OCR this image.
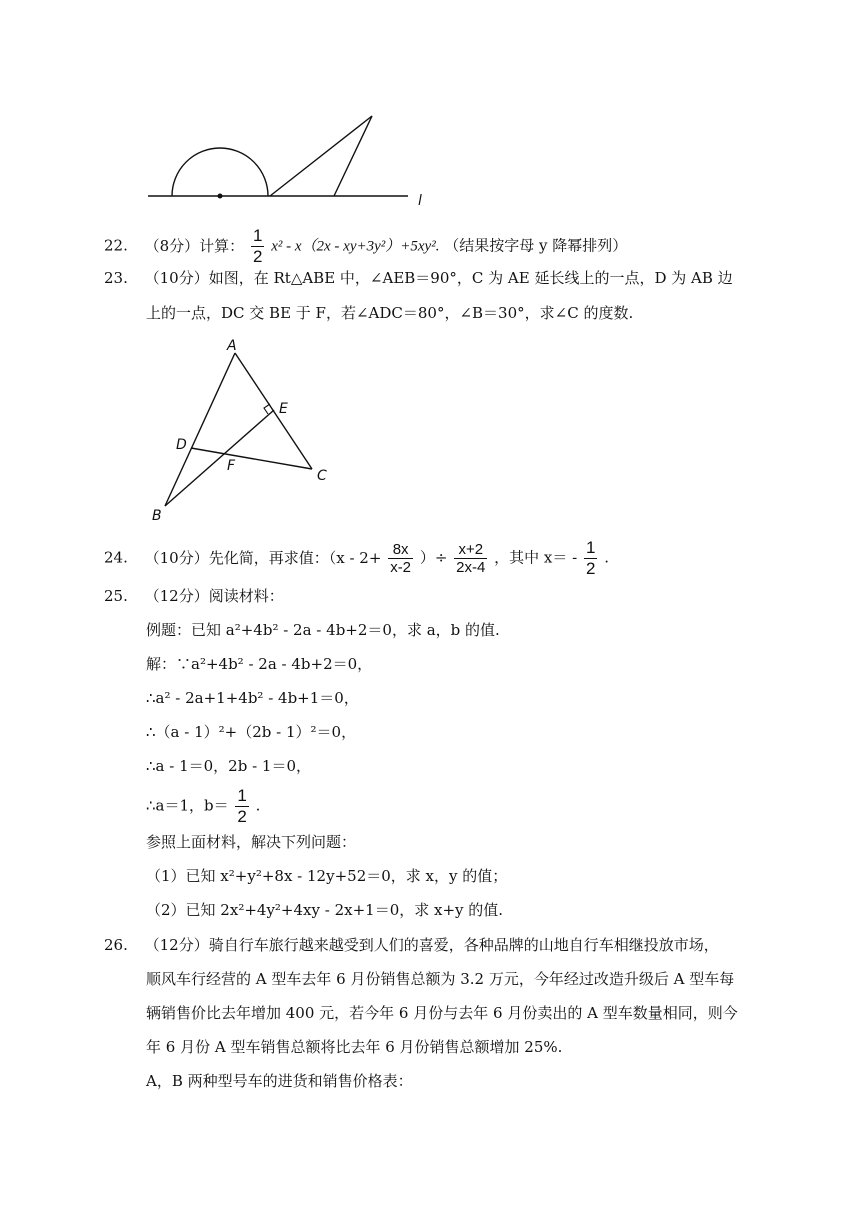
l
22. （8分）计算： $\frac{1}{2} x^2 - x(2x - xy+3y^2)+5xy^2$. （结果按字母 y 降幂排列）
23. （10分）如图，在 Rt△ABE 中，∠AEB＝90°，C 为 AE 延长线上的一点，D 为 AB 边
上的一点，DC 交 BE 于 F，若∠ADC＝80°，∠B＝30°，求∠C 的度数.
A
E
D
F
C
B
24. （10分）先化简，再求值：（$x - 2+ \frac{8x}{x-2}$ ）÷ $\frac{x+2}{2x-4}$ ，其中 $x= - \frac{1}{2}$ .
25. （12分）阅读材料：
例题：已知 a²+4b² - 2a - 4b+2＝0，求 a，b 的值.
解：∵a²+4b² - 2a - 4b+2＝0，
∴a² - 2a+1+4b² - 4b+1＝0，
∴（a - 1）²+（2b - 1）²＝0，
∴a - 1＝0，2b - 1＝0，
∴a＝1，$b= \frac{1}{2}$ .
参照上面材料，解决下列问题：
（1）已知 x²+y²+8x - 12y+52＝0，求 x，y 的值；
（2）已知 2x²+4y²+4xy - 2x+1＝0，求 x+y 的值.
26. （12分）骑自行车旅行越来越受到人们的喜爱，各种品牌的山地自行车相继投放市场，
顺风车行经营的 A 型车去年 6 月份销售总额为 3.2 万元，今年经过改造升级后 A 型车每
辆销售价比去年增加 400 元，若今年 6 月份与去年 6 月份卖出的 A 型车数量相同，则今
年 6 月份 A 型车销售总额将比去年 6 月份销售总额增加 25%.
A，B 两种型号车的进货和销售价格表：
